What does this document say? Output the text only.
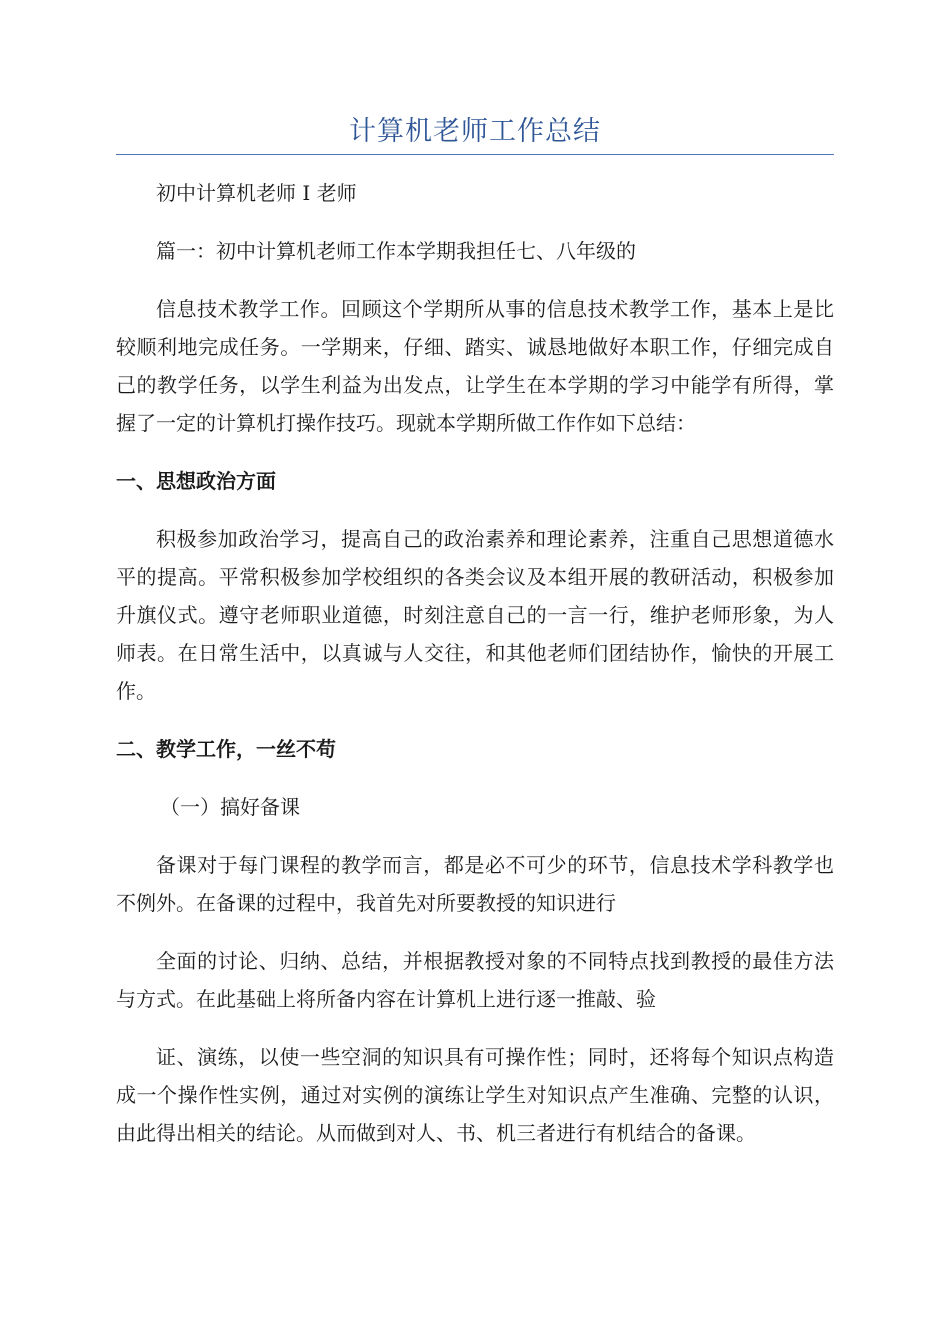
计算机老师工作总结

初中计算机老师 I 老师

篇一：初中计算机老师工作本学期我担任七、八年级的

信息技术教学工作。回顾这个学期所从事的信息技术教学工作，基本上是比较顺利地完成任务。一学期来，仔细、踏实、诚恳地做好本职工作，仔细完成自己的教学任务，以学生利益为出发点，让学生在本学期的学习中能学有所得，掌握了一定的计算机打操作技巧。现就本学期所做工作作如下总结：

一、思想政治方面

积极参加政治学习，提高自己的政治素养和理论素养，注重自己思想道德水平的提高。平常积极参加学校组织的各类会议及本组开展的教研活动，积极参加升旗仪式。遵守老师职业道德，时刻注意自己的一言一行，维护老师形象，为人师表。在日常生活中，以真诚与人交往，和其他老师们团结协作，愉快的开展工作。

二、教学工作，一丝不苟

（一）搞好备课

备课对于每门课程的教学而言，都是必不可少的环节，信息技术学科教学也不例外。在备课的过程中，我首先对所要教授的知识进行

全面的讨论、归纳、总结，并根据教授对象的不同特点找到教授的最佳方法与方式。在此基础上将所备内容在计算机上进行逐一推敲、验

证、演练，以使一些空洞的知识具有可操作性；同时，还将每个知识点构造成一个操作性实例，通过对实例的演练让学生对知识点产生准确、完整的认识，由此得出相关的结论。从而做到对人、书、机三者进行有机结合的备课。
